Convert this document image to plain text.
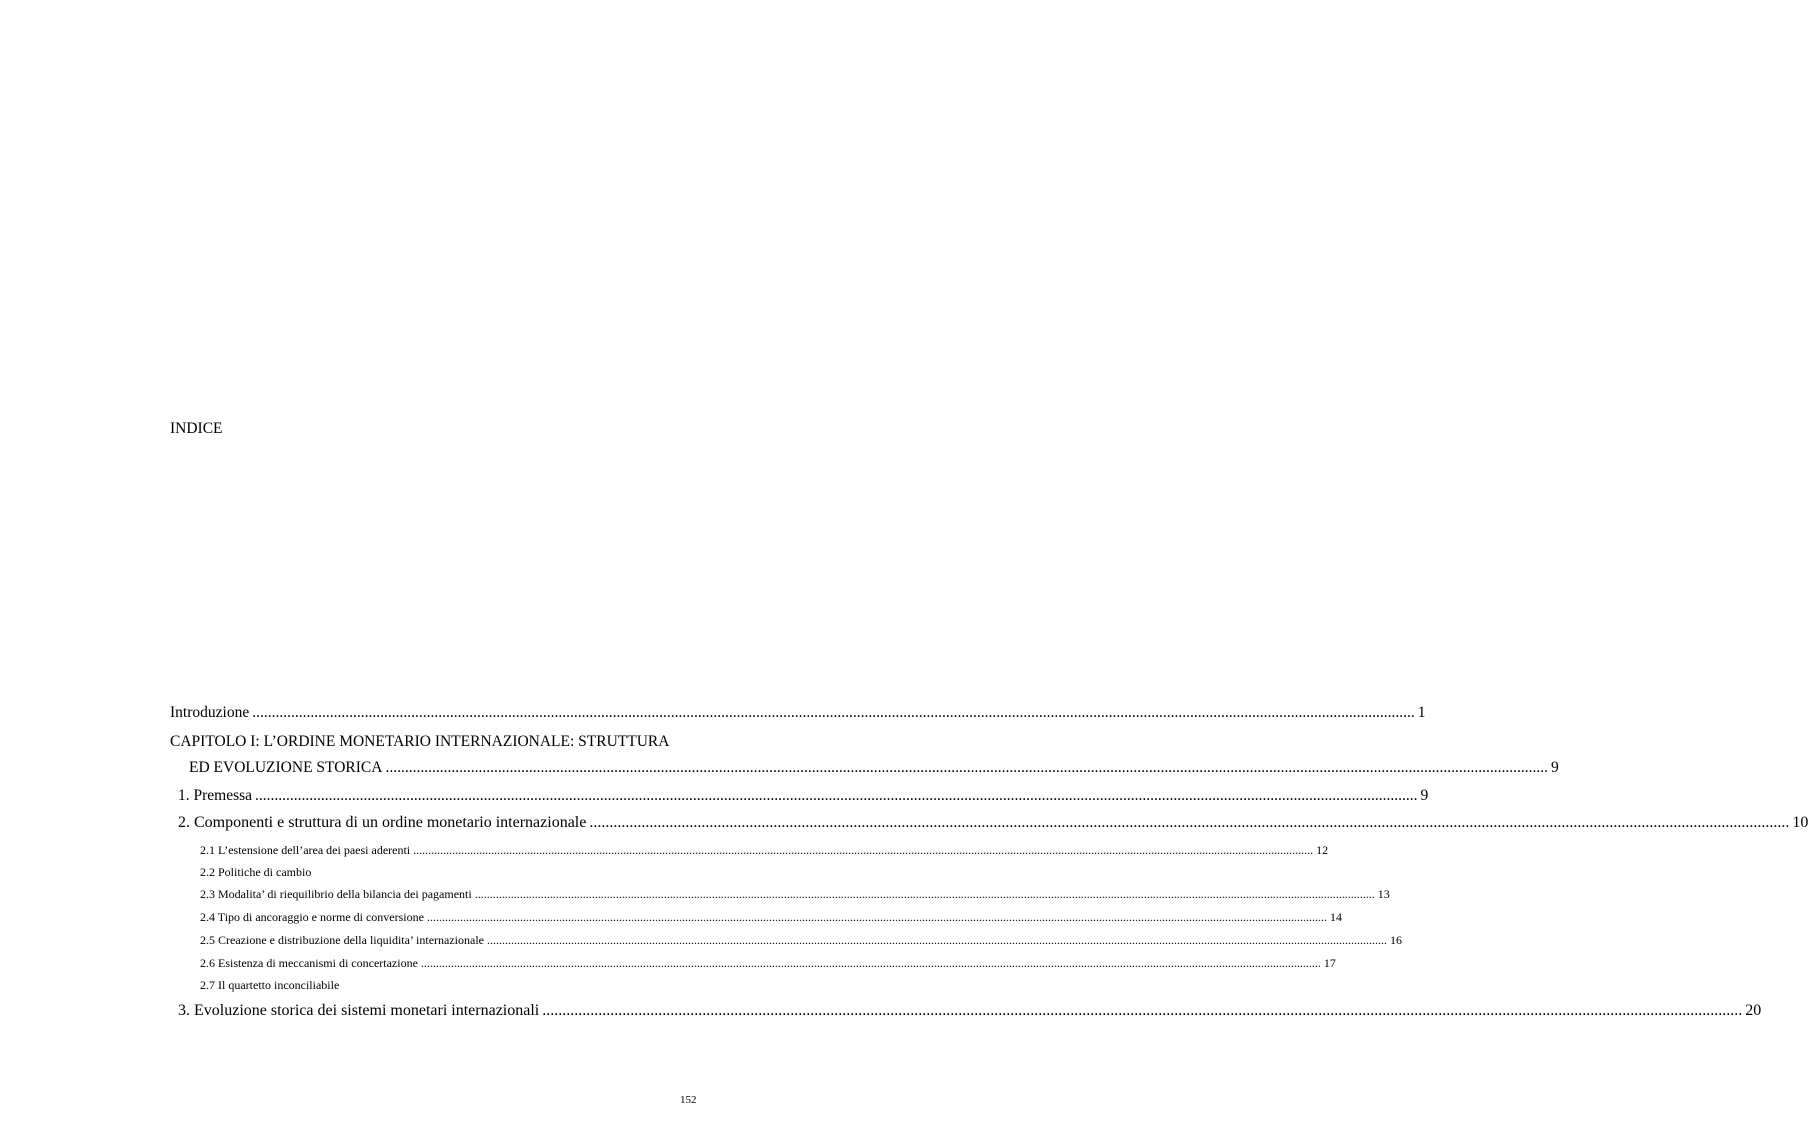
INDICE
Introduzione ............................................................................................................................................................................................................................................................................................................ 1
CAPITOLO I: L’ORDINE MONETARIO INTERNAZIONALE: STRUTTURA
ED EVOLUZIONE STORICA ............................................................................................................................................................................................................................................................................................................ 9
1. Premessa ............................................................................................................................................................................................................................................................................................................ 9
2. Componenti e struttura di un ordine monetario internazionale ............................................................................................................................................................................................................................................................................................................ 10
2.1 L’estensione dell’area dei paesi aderenti ............................................................................................................................................................................................................................................................................................................ 12
2.2 Politiche di cambio
2.3 Modalita’ di riequilibrio della bilancia dei pagamenti ............................................................................................................................................................................................................................................................................................................ 13
2.4 Tipo di ancoraggio e norme di conversione ............................................................................................................................................................................................................................................................................................................ 14
2.5 Creazione e distribuzione della liquidita’ internazionale ............................................................................................................................................................................................................................................................................................................ 16
2.6 Esistenza di meccanismi di concertazione ............................................................................................................................................................................................................................................................................................................ 17
2.7 Il quartetto inconciliabile
3. Evoluzione storica dei sistemi monetari internazionali ............................................................................................................................................................................................................................................................................................................ 20
152
